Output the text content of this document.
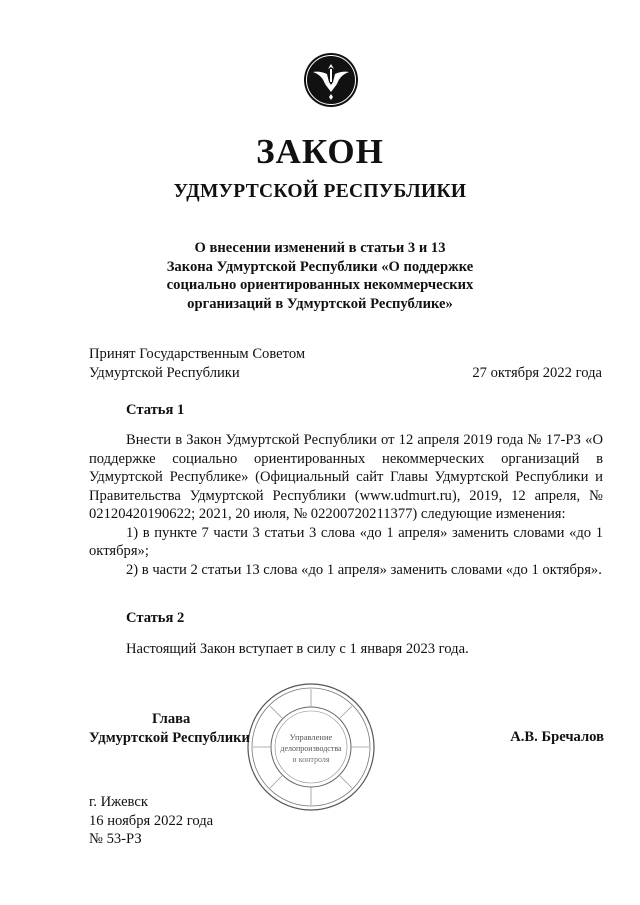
ЗАКОН
УДМУРТСКОЙ РЕСПУБЛИКИ
О внесении изменений в статьи 3 и 13
Закона Удмуртской Республики «О поддержке
социально ориентированных некоммерческих
организаций в Удмуртской Республике»
Принят Государственным Советом
Удмуртской Республики	27 октября 2022 года
Статья 1

Внести в Закон Удмуртской Республики от 12 апреля 2019 года № 17-РЗ «О поддержке социально ориентированных некоммерческих организаций в Удмуртской Республике» (Официальный сайт Главы Удмуртской Республики и Правительства Удмуртской Республики (www.udmurt.ru), 2019, 12 апреля, № 02120420190622; 2021, 20 июля, № 02200720211377) следующие изменения:

1) в пункте 7 части 3 статьи 3 слова «до 1 апреля» заменить словами «до 1 октября»;

2) в части 2 статьи 13 слова «до 1 апреля» заменить словами «до 1 октября».

Статья 2

Настоящий Закон вступает в силу с 1 января 2023 года.

Управление
делопроизводства
и контроля
Глава
Удмуртской Республики	А.В. Бречалов
г. Ижевск
16 ноября 2022 года
№ 53-РЗ
